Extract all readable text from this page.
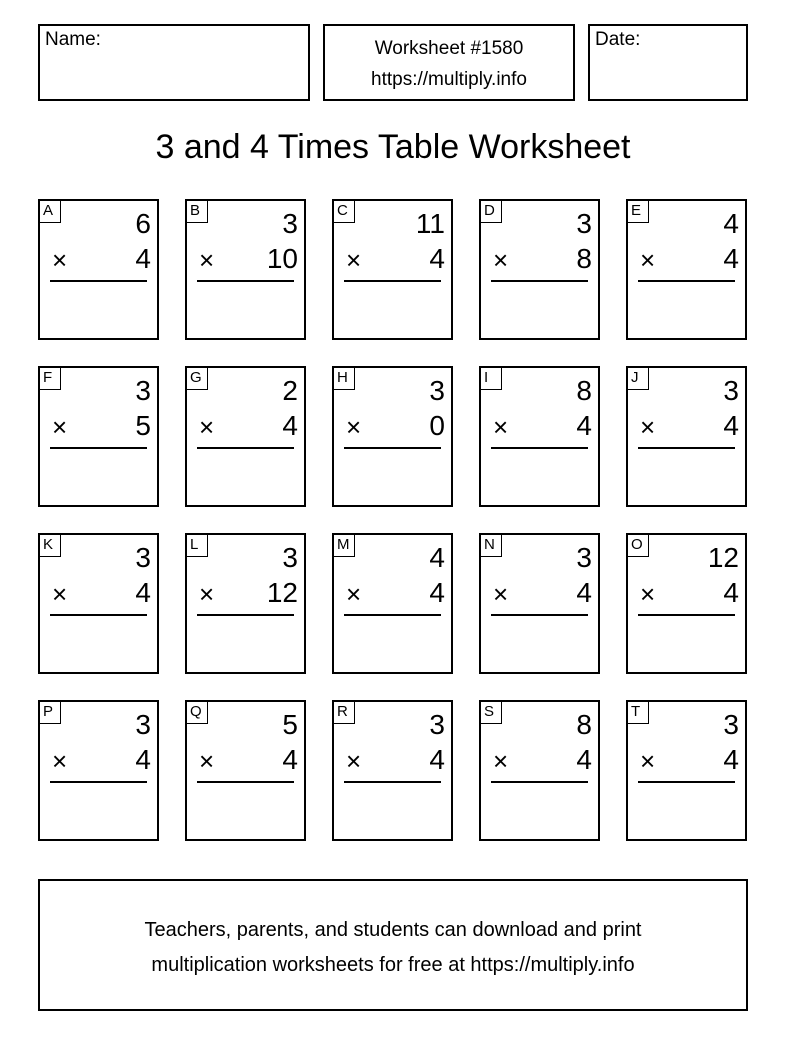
Name:	Worksheet #1580
https://multiply.info
Date:
3 and 4 Times Table Worksheet
A	6
× 4
B	3
× 10
C 11
× 4
D	3
× 8
E	4
× 4
F	3
× 5
G	2
× 4
H	3
× 0
I	8
× 4
J	3
× 4
K	3
× 4
L	3
× 12
M	4
× 4
N	3
× 4
O 12
× 4
P	3
× 4
Q	5
× 4
R	3
× 4
S	8
× 4
T	3
× 4
Teachers, parents, and students can download and print
multiplication worksheets for free at https://multiply.info
